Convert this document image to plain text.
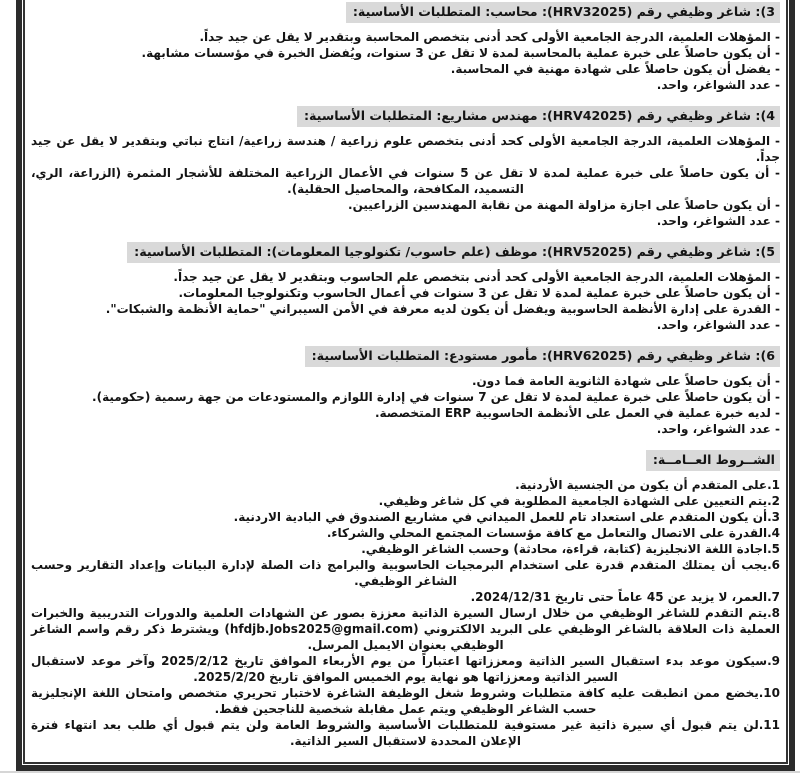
3): شاغر وظيفي رقم (HRV32025): محاسب: المتطلبات الأساسية:
- المؤهلات العلمية، الدرجة الجامعية الأولى كحد أدنى بتخصص المحاسبة وبتقدير لا يقل عن جيد جداً.
- أن يكون حاصلاً على خبرة عملية بالمحاسبة لمدة لا تقل عن 3 سنوات، ويُفضل الخبرة في مؤسسات مشابهة.
- يفضل أن يكون حاصلاً على شهادة مهنية في المحاسبة.
- عدد الشواغر، واحد.
4): شاغر وظيفي رقم (HRV42025): مهندس مشاريع: المتطلبات الأساسية:
- المؤهلات العلمية، الدرجة الجامعية الأولى كحد أدنى بتخصص علوم زراعية / هندسة زراعية/ انتاج نباتي وبتقدير لا يقل عن جيد جداً.
- أن يكون حاصلاً على خبرة عملية لمدة لا تقل عن 5 سنوات في الأعمال الزراعية المختلفة للأشجار المثمرة (الزراعة، الري، التسميد، المكافحة، والمحاصيل الحقلية).
- أن يكون حاصلاً على اجازة مزاولة المهنة من نقابة المهندسين الزراعيين.
- عدد الشواغر، واحد.
5): شاغر وظيفي رقم (HRV52025): موظف (علم حاسوب/ تكنولوجيا المعلومات): المتطلبات الأساسية:
- المؤهلات العلمية، الدرجة الجامعية الأولى كحد أدنى بتخصص علم الحاسوب وبتقدير لا يقل عن جيد جداً.
- أن يكون حاصلاً على خبرة عملية لمدة لا تقل عن 3 سنوات في أعمال الحاسوب وتكنولوجيا المعلومات.
- القدرة على إدارة الأنظمة الحاسوبية ويفضل أن يكون لديه معرفة في الأمن السيبراني "حماية الأنظمة والشبكات".
- عدد الشواغر، واحد.
6): شاغر وظيفي رقم (HRV62025): مأمور مستودع: المتطلبات الأساسية:
- أن يكون حاصلاً على شهادة الثانوية العامة فما دون.
- أن يكون حاصلاً على خبرة عملية لمدة لا تقل عن 7 سنوات في إدارة اللوازم والمستودعات من جهة رسمية (حكومية).
- لديه خبرة عملية في العمل على الأنظمة الحاسوبية ERP المتخصصة.
- عدد الشواغر، واحد.
الشــروط العــامــة:
1.على المتقدم أن يكون من الجنسية الأردنية.
2.يتم التعيين على الشهادة الجامعية المطلوبة في كل شاغر وظيفي.
3.أن يكون المتقدم على استعداد تام للعمل الميداني في مشاريع الصندوق في البادية الاردنية.
4.القدرة على الاتصال والتعامل مع كافة مؤسسات المجتمع المحلي والشركاء.
5.اجادة اللغة الانجليزية (كتابة، قراءة، محادثة) وحسب الشاغر الوظيفي.
6.يجب أن يمتلك المتقدم قدرة على استخدام البرمجيات الحاسوبية والبرامج ذات الصلة لإدارة البيانات وإعداد التقارير وحسب الشاغر الوظيفي.
7.العمر، لا يزيد عن 45 عاماً حتى تاريخ 2024/12/31.
8.يتم التقدم للشاغر الوظيفي من خلال ارسال السيرة الذاتية معززة بصور عن الشهادات العلمية والدورات التدريبية والخبرات العملية ذات العلاقة بالشاغر الوظيفي على البريد الالكتروني (hfdjb.Jobs2025@gmail.com) ويشترط ذكر رقم واسم الشاغر الوظيفي بعنوان الايميل المرسل.
9.سيكون موعد بدء استقبال السير الذاتية ومعززاتها اعتباراً من يوم الأربعاء الموافق تاريخ 2025/2/12 وآخر موعد لاستقبال السير الذاتية ومعززاتها هو نهاية يوم الخميس الموافق تاريخ 2025/2/20.
10.يخضع ممن انطبقت عليه كافة متطلبات وشروط شغل الوظيفة الشاغرة لاختبار تحريري متخصص وامتحان اللغة الإنجليزية حسب الشاغر الوظيفي ويتم عمل مقابلة شخصية للناجحين فقط.
11.لن يتم قبول أي سيرة ذاتية غير مستوفية للمتطلبات الأساسية والشروط العامة ولن يتم قبول أي طلب بعد انتهاء فترة الإعلان المحددة لاستقبال السير الذاتية.
